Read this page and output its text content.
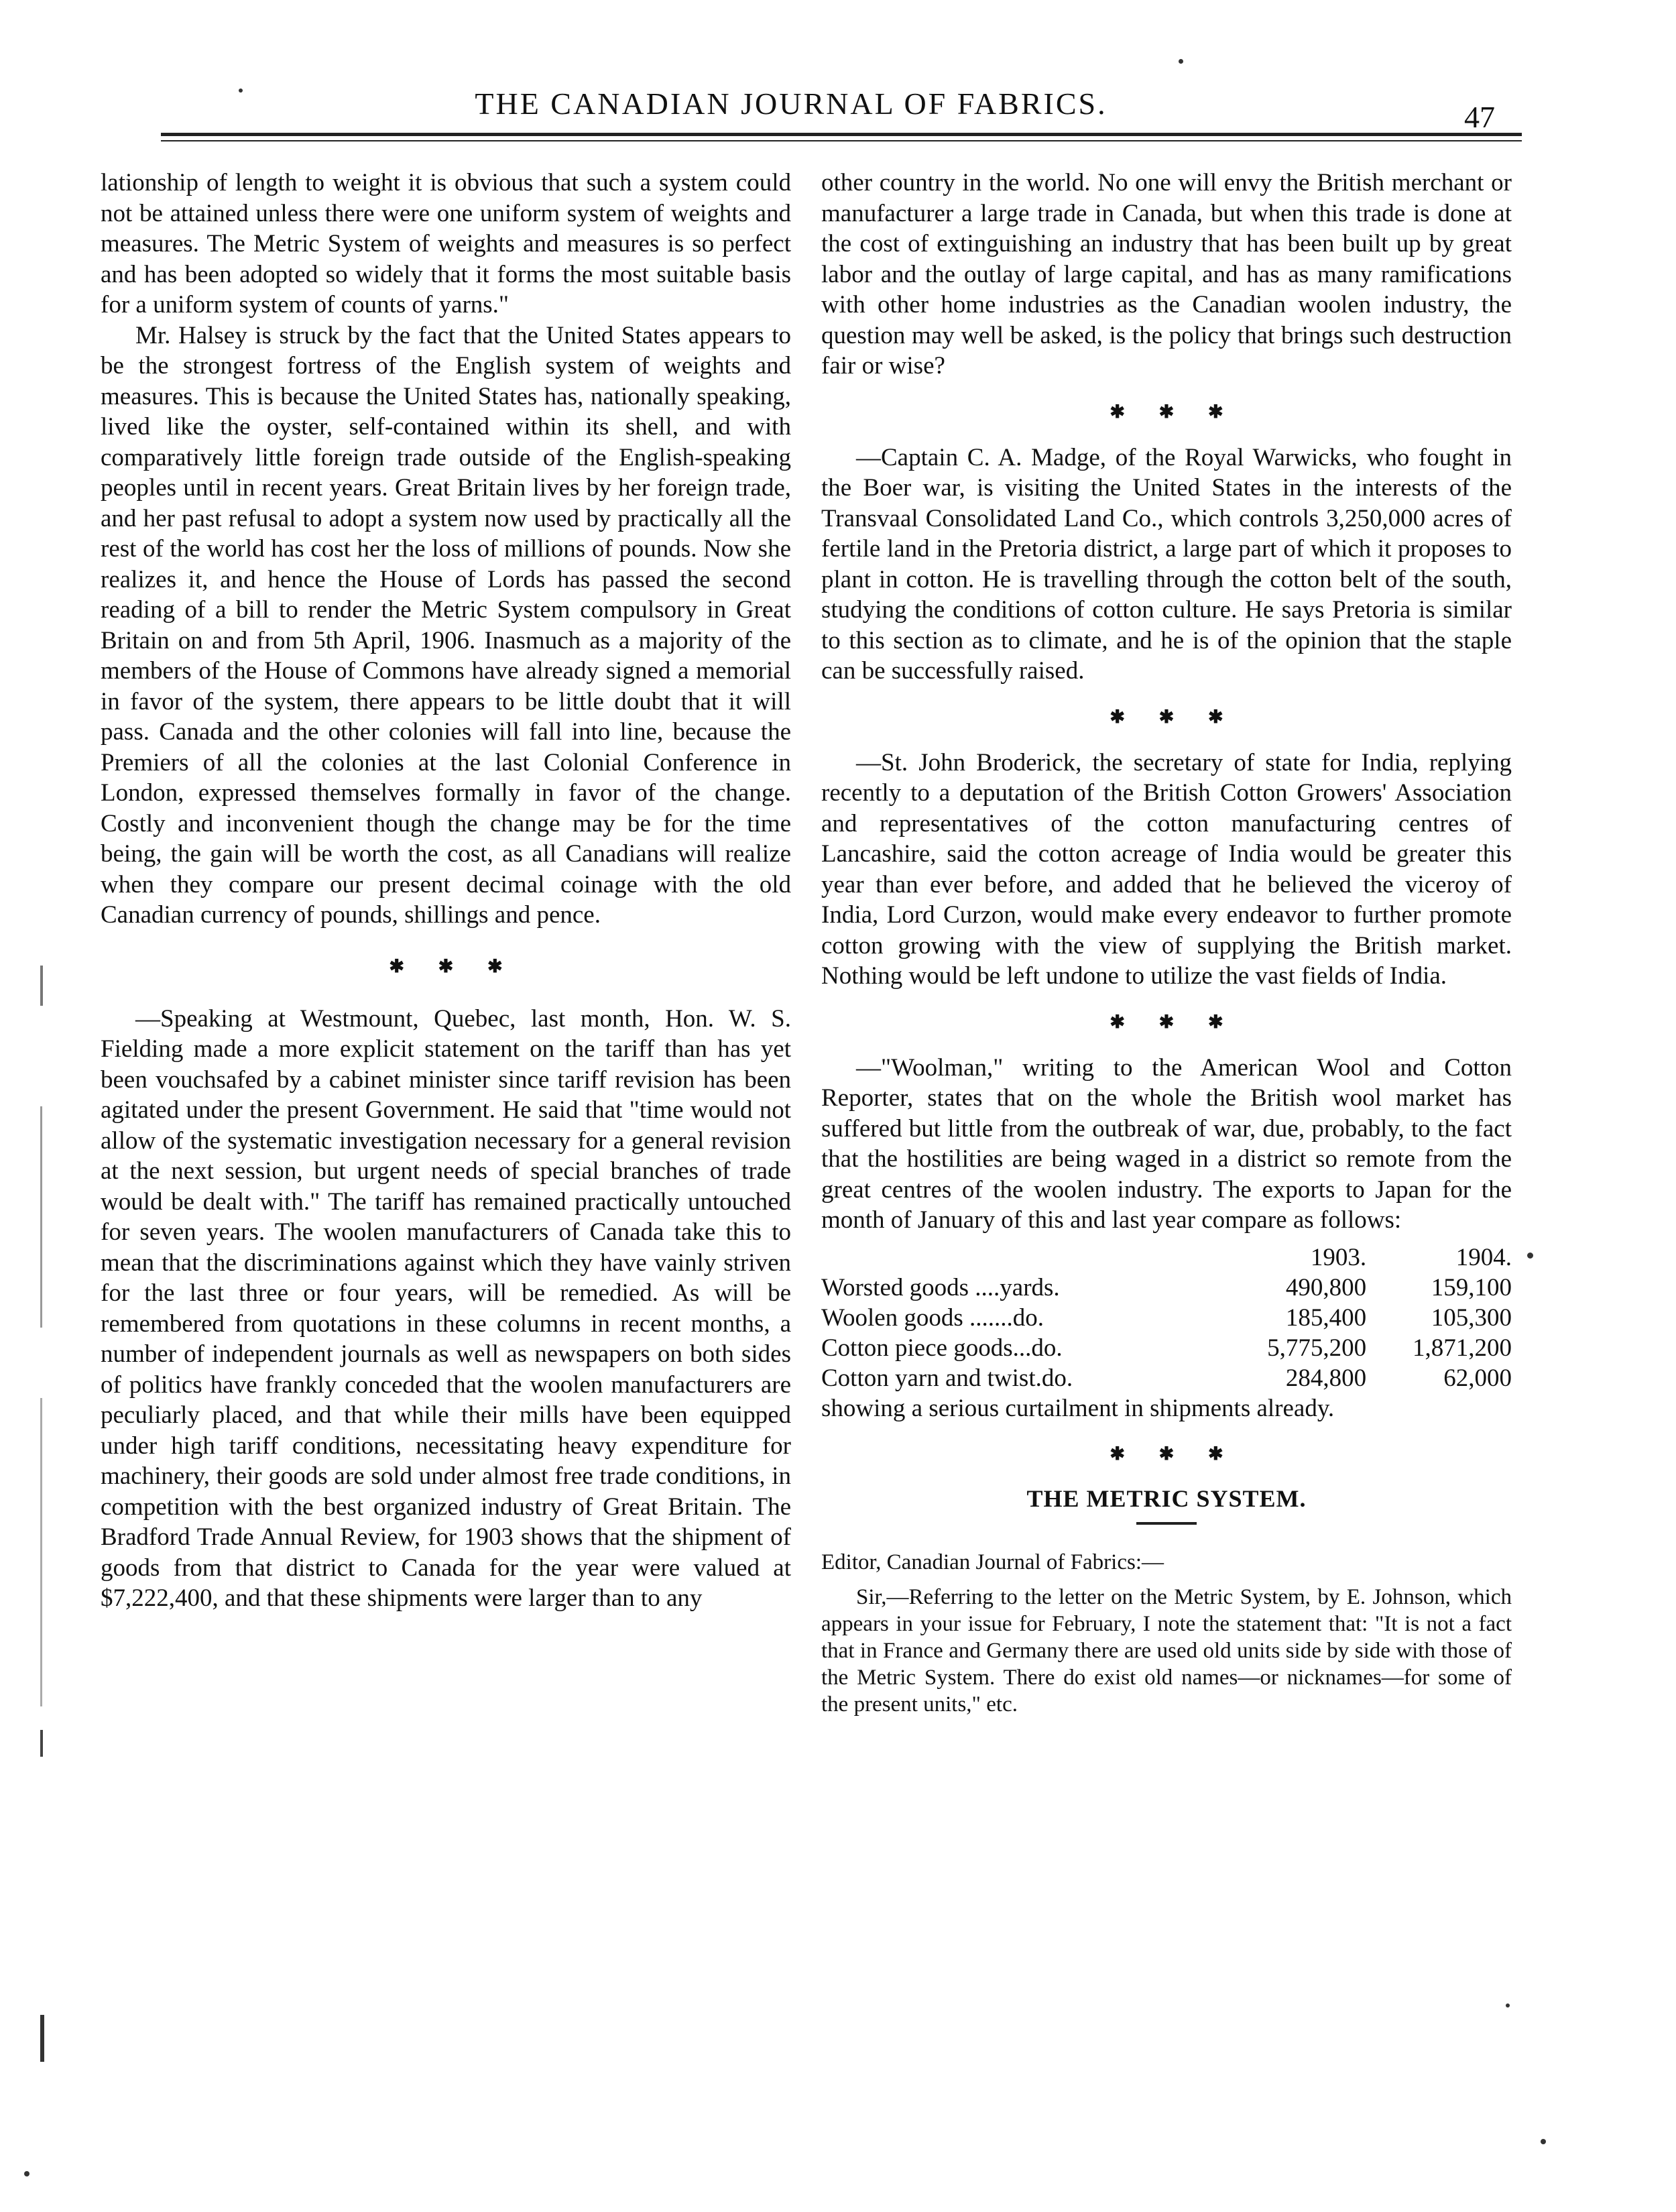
THE CANADIAN JOURNAL OF FABRICS.	47

lationship of length to weight it is obvious that such a system could not be attained unless there were one uniform system of weights and measures. The Metric System of weights and measures is so perfect and has been adopted so widely that it forms the most suitable basis for a uniform system of counts of yarns."

Mr. Halsey is struck by the fact that the United States appears to be the strongest fortress of the English system of weights and measures. This is because the United States has, nationally speaking, lived like the oyster, self-contained within its shell, and with comparatively little foreign trade outside of the English-speaking peoples until in recent years. Great Britain lives by her foreign trade, and her past refusal to adopt a system now used by practically all the rest of the world has cost her the loss of millions of pounds. Now she realizes it, and hence the House of Lords has passed the second reading of a bill to render the Metric System compulsory in Great Britain on and from 5th April, 1906. Inasmuch as a majority of the members of the House of Commons have already signed a memorial in favor of the system, there appears to be little doubt that it will pass. Canada and the other colonies will fall into line, because the Premiers of all the colonies at the last Colonial Conference in London, expressed themselves formally in favor of the change. Costly and inconvenient though the change may be for the time being, the gain will be worth the cost, as all Canadians will realize when they compare our present decimal coinage with the old Canadian currency of pounds, shillings and pence.

✱ ✱ ✱

—Speaking at Westmount, Quebec, last month, Hon. W. S. Fielding made a more explicit statement on the tariff than has yet been vouchsafed by a cabinet minister since tariff revision has been agitated under the present Government. He said that "time would not allow of the systematic investigation necessary for a general revision at the next session, but urgent needs of special branches of trade would be dealt with." The tariff has remained practically untouched for seven years. The woolen manufacturers of Canada take this to mean that the discriminations against which they have vainly striven for the last three or four years, will be remedied. As will be remembered from quotations in these columns in recent months, a number of independent journals as well as newspapers on both sides of politics have frankly conceded that the woolen manufacturers are peculiarly placed, and that while their mills have been equipped under high tariff conditions, necessitating heavy expenditure for machinery, their goods are sold under almost free trade conditions, in competition with the best organized industry of Great Britain. The Bradford Trade Annual Review, for 1903 shows that the shipment of goods from that district to Canada for the year were valued at $7,222,400, and that these shipments were larger than to any

other country in the world. No one will envy the British merchant or manufacturer a large trade in Canada, but when this trade is done at the cost of extinguishing an industry that has been built up by great labor and the outlay of large capital, and has as many ramifications with other home industries as the Canadian woolen industry, the question may well be asked, is the policy that brings such destruction fair or wise?

✱ ✱ ✱

—Captain C. A. Madge, of the Royal Warwicks, who fought in the Boer war, is visiting the United States in the interests of the Transvaal Consolidated Land Co., which controls 3,250,000 acres of fertile land in the Pretoria district, a large part of which it proposes to plant in cotton. He is travelling through the cotton belt of the south, studying the conditions of cotton culture. He says Pretoria is similar to this section as to climate, and he is of the opinion that the staple can be successfully raised.

✱ ✱ ✱

—St. John Broderick, the secretary of state for India, replying recently to a deputation of the British Cotton Growers' Association and representatives of the cotton manufacturing centres of Lancashire, said the cotton acreage of India would be greater this year than ever before, and added that he believed the viceroy of India, Lord Curzon, would make every endeavor to further promote cotton growing with the view of supplying the British market. Nothing would be left undone to utilize the vast fields of India.

✱ ✱ ✱

—"Woolman," writing to the American Wool and Cotton Reporter, states that on the whole the British wool market has suffered but little from the outbreak of war, due, probably, to the fact that the hostilities are being waged in a district so remote from the great centres of the woolen industry. The exports to Japan for the month of January of this and last year compare as follows:

	1903.	1904.
Worsted goods ....yards.	490,800	159,100
Woolen goods .......do.	185,400	105,300
Cotton piece goods...do.	5,775,200	1,871,200
Cotton yarn and twist.do.	284,800	62,000

showing a serious curtailment in shipments already.

✱ ✱ ✱
THE METRIC SYSTEM.

Editor, Canadian Journal of Fabrics:—

Sir,—Referring to the letter on the Metric System, by E. Johnson, which appears in your issue for February, I note the statement that: "It is not a fact that in France and Germany there are used old units side by side with those of the Metric System. There do exist old names—or nicknames—for some of the present units," etc.
